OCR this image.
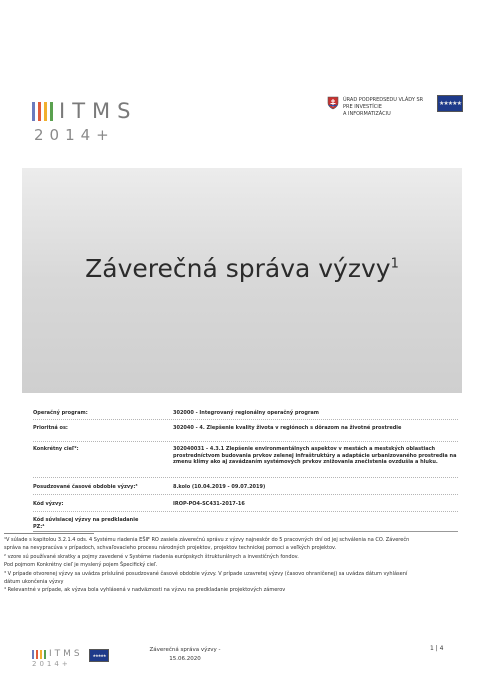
ITMS
2014+
ÚRAD PODPREDSEDU VLÁDY SR
PRE INVESTÍCIE
A INFORMATIZÁCIU
★★★★★
Záverečná správa výzvy$^1$
Operačný program:	302000 - Integrovaný regionálny operačný program
Prioritná os:	302040 - 4. Zlepšenie kvality života v regiónoch s dôrazom na životné prostredie
Konkrétny cieľ²:	302040031 - 4.3.1 Zlepšenie environmentálnych aspektov v mestách a mestských oblastiach
prostredníctvom budovania prvkov zelenej infraštruktúry a adaptácie urbanizovaného prostredia na
zmenu klímy ako aj zavádzaním systémových prvkov znižovania znečistenia ovzdušia a hluku.
Posudzované časové obdobie výzvy:³	8.kolo (10.04.2019 - 09.07.2019)
Kód výzvy:	IROP-PO4-SC431-2017-16
Kód súvisiacej výzvy na predkladanie
PZ:⁴

¹V súlade s kapitolou 3.2.1.4 ods. 4 Systému riadenia EŠIF RO zasiela záverečnú správu z výzvy najneskôr do 5 pracovných dní od jej schválenia na CO. Záverečn

správa na nevypracúva v prípadoch, schvaľovacieho procesu národných projektov, projektov technickej pomoci a veľkých projektov.

² vzore sú používané skratky a pojmy zavedené v Systéme riadenia európskych štrukturálnych a investičných fondov.

Pod pojmom Konkrétny cieľ je myslený pojem Špecifický cieľ.

³ V prípade otvorenej výzvy sa uvádza príslušné posudzované časové obdobie výzvy. V prípade uzavretej výzvy (časovo ohraničenej) sa uvádza dátum vyhlásení

dátum ukončenia výzvy

⁴ Relevantné v prípade, ak výzva bola vyhlásená v nadväznosti na výzvu na predkladanie projektových zámerov

ITMS
2014+
★★★★★
Záverečná správa výzvy -
15.06.2020
1 | 4
